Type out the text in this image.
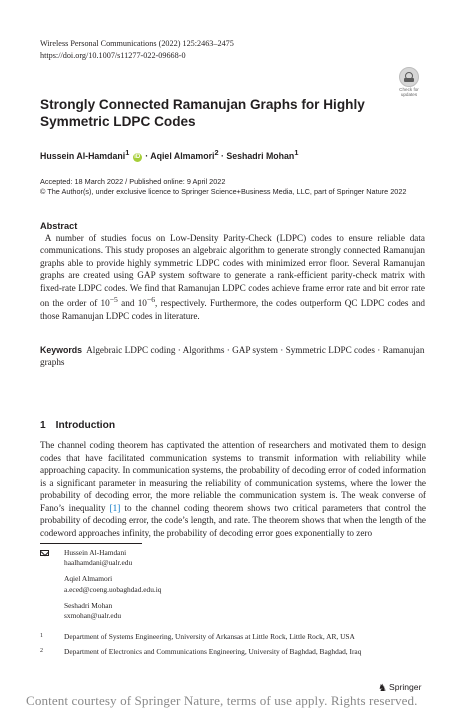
Wireless Personal Communications (2022) 125:2463–2475
https://doi.org/10.1007/s11277-022-09668-0
Check for
updates
Strongly Connected Ramanujan Graphs for Highly Symmetric LDPC Codes
Hussein Al-Hamdani$^1$ iD · Aqiel Almamori$^2$ · Seshadri Mohan$^1$
Accepted: 18 March 2022 / Published online: 9 April 2022
© The Author(s), under exclusive licence to Springer Science+Business Media, LLC, part of Springer Nature 2022
Abstract
A number of studies focus on Low-Density Parity-Check (LDPC) codes to ensure reliable data communications. This study proposes an algebraic algorithm to generate strongly connected Ramanujan graphs able to provide highly symmetric LDPC codes with minimized error floor. Several Ramanujan graphs are created using GAP system software to generate a rank-efficient parity-check matrix with fixed-rate LDPC codes. We find that Ramanujan LDPC codes achieve frame error rate and bit error rate on the order of $10^{-5}$ and $10^{-6}$, respectively. Furthermore, the codes outperform QC LDPC codes and those Ramanujan LDPC codes in literature.
Keywords Algebraic LDPC coding · Algorithms · GAP system · Symmetric LDPC codes · Ramanujan graphs
1 Introduction
The channel coding theorem has captivated the attention of researchers and motivated them to design codes that have facilitated communication systems to transmit information with reliability while approaching capacity. In communication systems, the probability of decoding error of coded information is a significant parameter in measuring the reliability of communication systems, where the lower the probability of decoding error, the more reliable the communication system is. The weak converse of Fano’s inequality [1] to the channel coding theorem shows two critical parameters that control the probability of decoding error, the code’s length, and rate. The theorem shows that when the length of the codeword approaches infinity, the probability of decoding error goes exponentially to zero
Hussein Al-Hamdani
haalhamdani@ualr.edu
Aqiel Almamori
a.eced@coeng.uobaghdad.edu.iq
Seshadri Mohan
sxmohan@ualr.edu
1	Department of Systems Engineering, University of Arkansas at Little Rock, Little Rock, AR, USA
2	Department of Electronics and Communications Engineering, University of Baghdad, Baghdad, Iraq
♞ Springer
Content courtesy of Springer Nature, terms of use apply. Rights reserved.
